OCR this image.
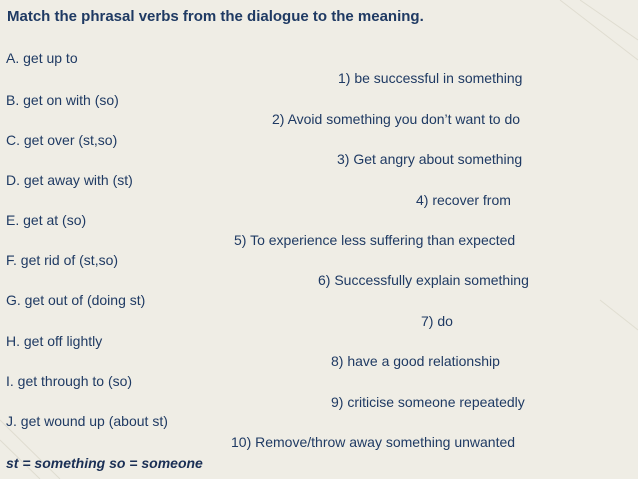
Match the phrasal verbs from the dialogue to the meaning.
A. get up to
B. get on with (so)
C. get over (st,so)
D. get away with (st)
E. get at (so)
F. get rid of (st,so)
G. get out of (doing st)
H. get off lightly
I. get through to (so)
J. get wound up (about st)
1) be successful in something
2) Avoid something you don’t want to do
3) Get angry about something
4) recover from
5) To experience less suffering than expected
6) Successfully explain something
7) do
8) have a good relationship
9) criticise someone repeatedly
10) Remove/throw away something unwanted
st = something so = someone
